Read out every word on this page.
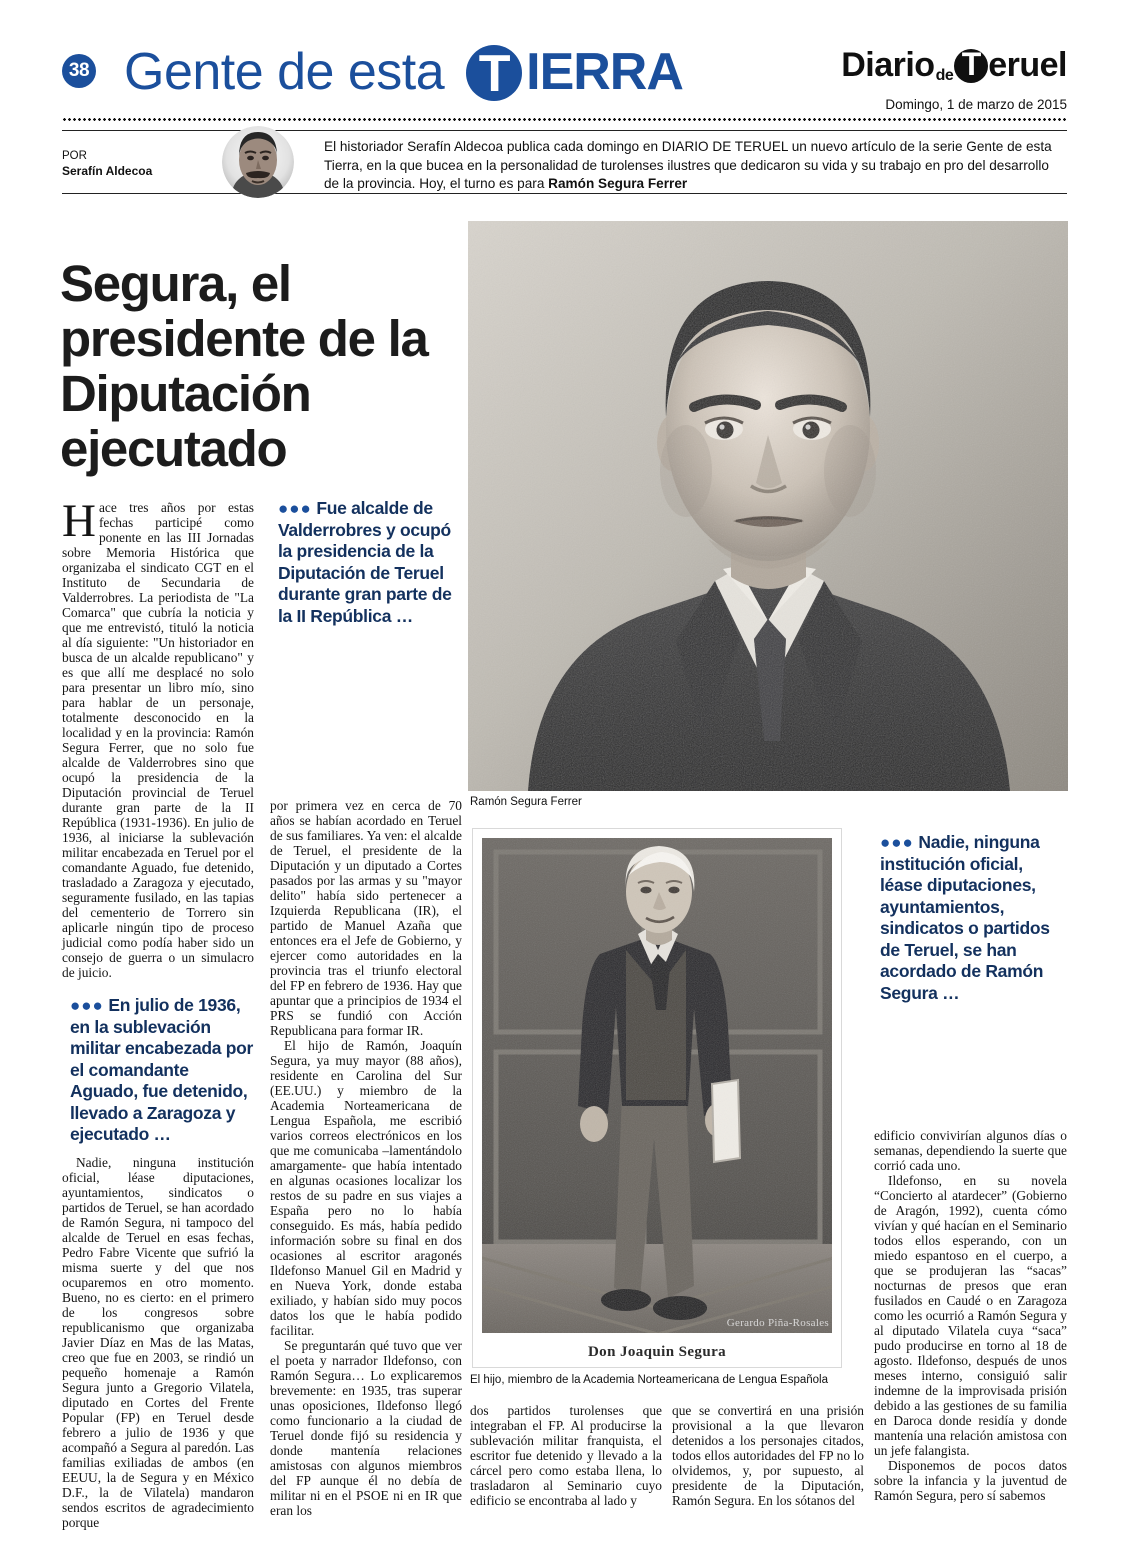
38 Gente de esta T IERRA	Diariode T eruel
Domingo, 1 de marzo de 2015
POR
Serafín Aldecoa
El historiador Serafín Aldecoa publica cada domingo en DIARIO DE TERUEL un nuevo artículo de la serie Gente de esta Tierra, en la que bucea en la personalidad de turolenses ilustres que dedicaron su vida y su trabajo en pro del desarrollo de la provincia. Hoy, el turno es para Ramón Segura Ferrer
Segura, el presidente de la Diputación ejecutado
Ramón Segura Ferrer
Gerardo Piña-Rosales
Don Joaquin Segura
El hijo, miembro de la Academia Norteamericana de Lengua Española
●●● Fue alcalde de Valderrobres y ocupó la presidencia de la Diputación de Teruel durante gran parte de la II República …
●●● En julio de 1936, en la sublevación militar encabezada por el comandante Aguado, fue detenido, llevado a Zaragoza y ejecutado …
●●● Nadie, ninguna institución oficial, léase diputaciones, ayuntamientos, sindicatos o partidos de Teruel, se han acordado de Ramón Segura …

Hace tres años por estas fechas participé como ponente en las III Jornadas sobre Memoria Histórica que organizaba el sindicato CGT en el Instituto de Secundaria de Valderrobres. La periodista de "La Comarca" que cubría la noticia y que me entrevistó, tituló la noticia al día siguiente: "Un historiador en busca de un alcalde republicano" y es que allí me desplacé no solo para presentar un libro mío, sino para hablar de un personaje, totalmente desconocido en la localidad y en la provincia: Ramón Segura Ferrer, que no solo fue alcalde de Valderrobres sino que ocupó la presidencia de la Diputación provincial de Teruel durante gran parte de la II República (1931-1936). En julio de 1936, al iniciarse la sublevación militar encabezada en Teruel por el comandante Aguado, fue detenido, trasladado a Zaragoza y ejecutado, seguramente fusilado, en las tapias del cementerio de Torrero sin aplicarle ningún tipo de proceso judicial como podía haber sido un consejo de guerra o un simulacro de juicio.

Nadie, ninguna institución oficial, léase diputaciones, ayuntamientos, sindicatos o partidos de Teruel, se han acordado de Ramón Segura, ni tampoco del alcalde de Teruel en esas fechas, Pedro Fabre Vicente que sufrió la misma suerte y del que nos ocuparemos en otro momento. Bueno, no es cierto: en el primero de los congresos sobre republicanismo que organizaba Javier Díaz en Mas de las Matas, creo que fue en 2003, se rindió un pequeño homenaje a Ramón Segura junto a Gregorio Vilatela, diputado en Cortes del Frente Popular (FP) en Teruel desde febrero a julio de 1936 y que acompañó a Segura al paredón. Las familias exiliadas de ambos (en EEUU, la de Segura y en México D.F., la de Vilatela) mandaron sendos escritos de agradecimiento porque

por primera vez en cerca de 70 años se habían acordado en Teruel de sus familiares. Ya ven: el alcalde de Teruel, el presidente de la Diputación y un diputado a Cortes pasados por las armas y su "mayor delito" había sido pertenecer a Izquierda Republicana (IR), el partido de Manuel Azaña que entonces era el Jefe de Gobierno, y ejercer como autoridades en la provincia tras el triunfo electoral del FP en febrero de 1936. Hay que apuntar que a principios de 1934 el PRS se fundió con Acción Republicana para formar IR.

El hijo de Ramón, Joaquín Segura, ya muy mayor (88 años), residente en Carolina del Sur (EE.UU.) y miembro de la Academia Norteamericana de Lengua Española, me escribió varios correos electrónicos en los que me comunicaba –lamentándolo amargamente- que había intentado en algunas ocasiones localizar los restos de su padre en sus viajes a España pero no lo había conseguido. Es más, había pedido información sobre su final en dos ocasiones al escritor aragonés Ildefonso Manuel Gil en Madrid y en Nueva York, donde estaba exiliado, y habían sido muy pocos datos los que le había podido facilitar.

Se preguntarán qué tuvo que ver el poeta y narrador Ildefonso, con Ramón Segura… Lo explicaremos brevemente: en 1935, tras superar unas oposiciones, Ildefonso llegó como funcionario a la ciudad de Teruel donde fijó su residencia y donde mantenía relaciones amistosas con algunos miembros del FP aunque él no debía de militar ni en el PSOE ni en IR que eran los

dos partidos turolenses que integraban el FP. Al producirse la sublevación militar franquista, el escritor fue detenido y llevado a la cárcel pero como estaba llena, lo trasladaron al Seminario cuyo edificio se encontraba al lado y

que se convertirá en una prisión provisional a la que llevaron detenidos a los personajes citados, todos ellos autoridades del FP no lo olvidemos, y, por supuesto, al presidente de la Diputación, Ramón Segura. En los sótanos del

edificio convivirían algunos días o semanas, dependiendo la suerte que corrió cada uno.

Ildefonso, en su novela “Concierto al atardecer” (Gobierno de Aragón, 1992), cuenta cómo vivían y qué hacían en el Seminario todos ellos esperando, con un miedo espantoso en el cuerpo, a que se produjeran las “sacas” nocturnas de presos que eran fusilados en Caudé o en Zaragoza como les ocurrió a Ramón Segura y al diputado Vilatela cuya “saca” pudo producirse en torno al 18 de agosto. Ildefonso, después de unos meses interno, consiguió salir indemne de la improvisada prisión debido a las gestiones de su familia en Daroca donde residía y donde mantenía una relación amistosa con un jefe falangista.

Disponemos de pocos datos sobre la infancia y la juventud de Ramón Segura, pero sí sabemos
